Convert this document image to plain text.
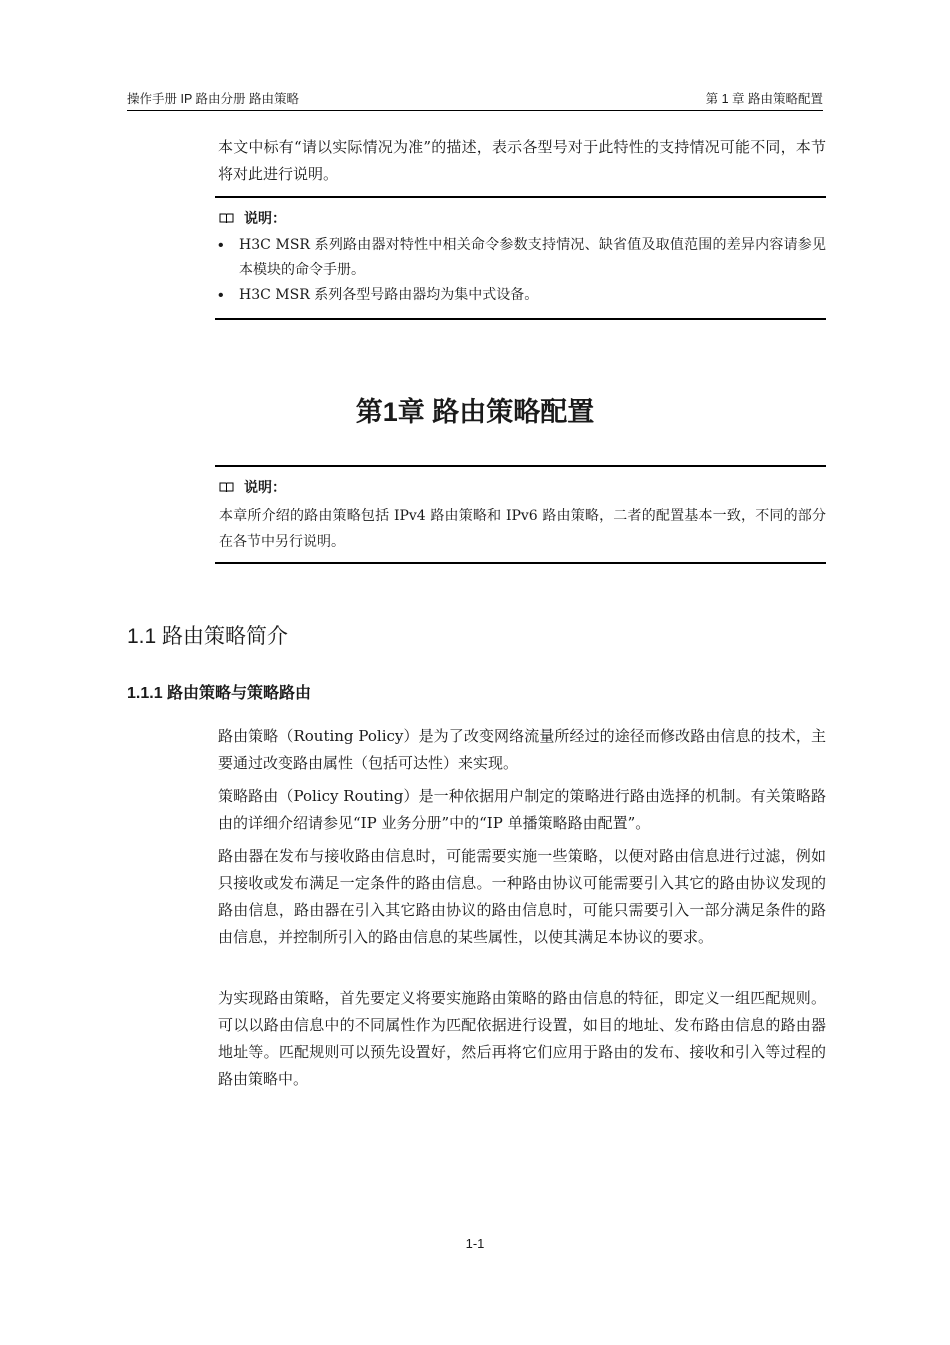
操作手册 IP 路由分册 路由策略	第 1 章 路由策略配置

本文中标有“请以实际情况为准”的描述，表示各型号对于此特性的支持情况可能不同，本节将对此进行说明。

说明：
• H3C MSR 系列路由器对特性中相关命令参数支持情况、缺省值及取值范围的差异内容请参见本模块的命令手册。
• H3C MSR 系列各型号路由器均为集中式设备。
第1章 路由策略配置
说明：
本章所介绍的路由策略包括 IPv4 路由策略和 IPv6 路由策略，二者的配置基本一致，不同的部分在各节中另行说明。
1.1 路由策略简介
1.1.1 路由策略与策略路由

路由策略（Routing Policy）是为了改变网络流量所经过的途径而修改路由信息的技术，主要通过改变路由属性（包括可达性）来实现。

策略路由（Policy Routing）是一种依据用户制定的策略进行路由选择的机制。有关策略路由的详细介绍请参见“IP 业务分册”中的“IP 单播策略路由配置”。

路由器在发布与接收路由信息时，可能需要实施一些策略，以便对路由信息进行过滤，例如只接收或发布满足一定条件的路由信息。一种路由协议可能需要引入其它的路由协议发现的路由信息，路由器在引入其它路由协议的路由信息时，可能只需要引入一部分满足条件的路由信息，并控制所引入的路由信息的某些属性，以使其满足本协议的要求。

为实现路由策略，首先要定义将要实施路由策略的路由信息的特征，即定义一组匹配规则。可以以路由信息中的不同属性作为匹配依据进行设置，如目的地址、发布路由信息的路由器地址等。匹配规则可以预先设置好，然后再将它们应用于路由的发布、接收和引入等过程的路由策略中。

1-1
